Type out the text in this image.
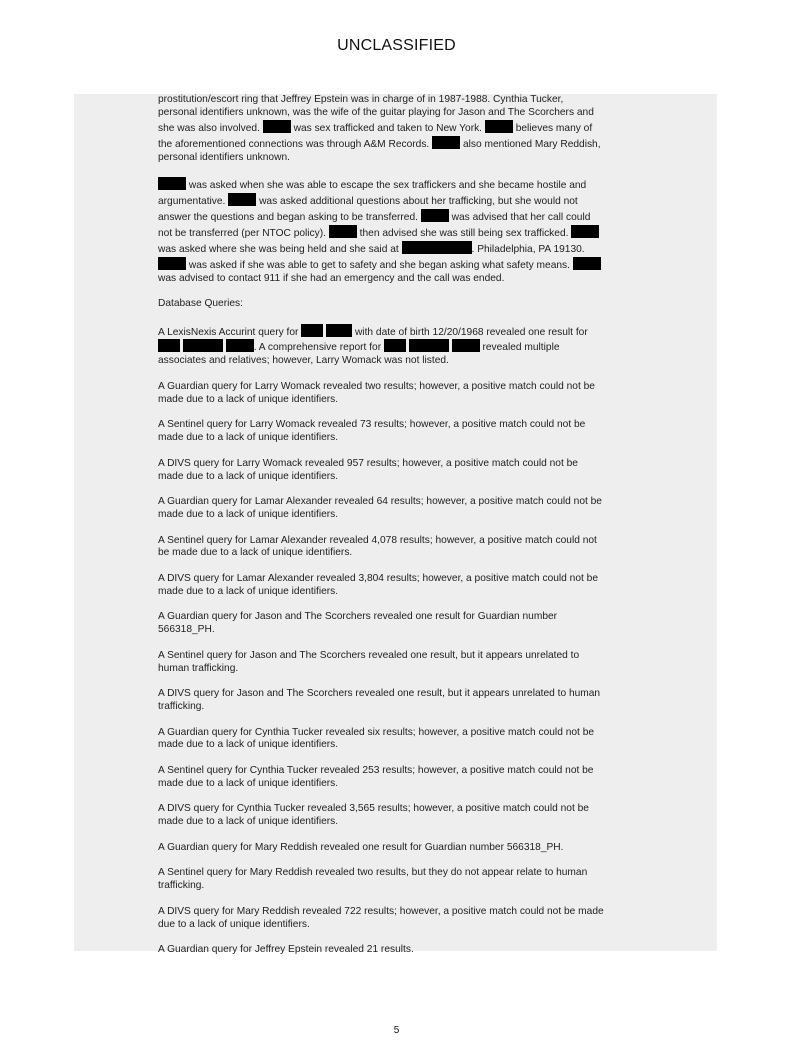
UNCLASSIFIED

prostitution/escort ring that Jeffrey Epstein was in charge of in 1987-1988. Cynthia Tucker, personal identifiers unknown, was the wife of the guitar playing for Jason and The Scorchers and she was also involved.	was sex trafficked and taken to New York.	believes many of the aforementioned connections was through A&M Records.	also mentioned Mary Reddish, personal identifiers unknown.

was asked when she was able to escape the sex traffickers and she became hostile and argumentative.	was asked additional questions about her trafficking, but she would not answer the questions and began asking to be transferred.	was advised that her call could not be transferred (per NTOC policy).	then advised she was still being sex trafficked.  was asked where she was being held and she said at	. Philadelphia, PA 19130.  was asked if she was able to get to safety and she began asking what safety means.  was advised to contact 911 if she had an emergency and the call was ended.

Database Queries:

A LexisNexis Accurint query for	with date of birth 12/20/1968 revealed one result for   . A comprehensive report for	revealed multiple associates and relatives; however, Larry Womack was not listed.

A Guardian query for Larry Womack revealed two results; however, a positive match could not be made due to a lack of unique identifiers.

A Sentinel query for Larry Womack revealed 73 results; however, a positive match could not be made due to a lack of unique identifiers.

A DIVS query for Larry Womack revealed 957 results; however, a positive match could not be made due to a lack of unique identifiers.

A Guardian query for Lamar Alexander revealed 64 results; however, a positive match could not be made due to a lack of unique identifiers.

A Sentinel query for Lamar Alexander revealed 4,078 results; however, a positive match could not be made due to a lack of unique identifiers.

A DIVS query for Lamar Alexander revealed 3,804 results; however, a positive match could not be made due to a lack of unique identifiers.

A Guardian query for Jason and The Scorchers revealed one result for Guardian number 566318_PH.

A Sentinel query for Jason and The Scorchers revealed one result, but it appears unrelated to human trafficking.

A DIVS query for Jason and The Scorchers revealed one result, but it appears unrelated to human trafficking.

A Guardian query for Cynthia Tucker revealed six results; however, a positive match could not be made due to a lack of unique identifiers.

A Sentinel query for Cynthia Tucker revealed 253 results; however, a positive match could not be made due to a lack of unique identifiers.

A DIVS query for Cynthia Tucker revealed 3,565 results; however, a positive match could not be made due to a lack of unique identifiers.

A Guardian query for Mary Reddish revealed one result for Guardian number 566318_PH.

A Sentinel query for Mary Reddish revealed two results, but they do not appear relate to human trafficking.

A DIVS query for Mary Reddish revealed 722 results; however, a positive match could not be made due to a lack of unique identifiers.

A Guardian query for Jeffrey Epstein revealed 21 results.

5
